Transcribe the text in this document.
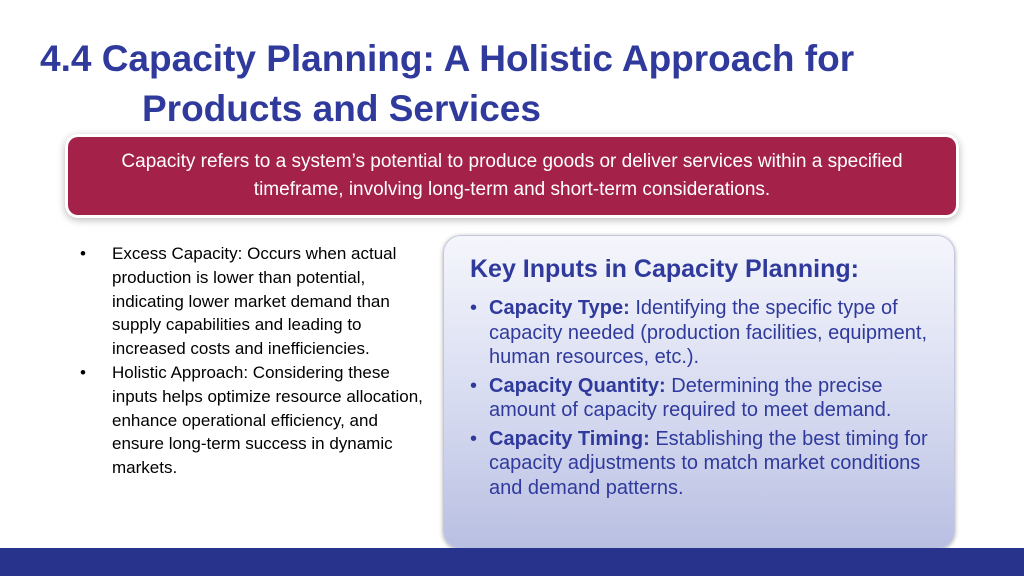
4.4 Capacity Planning: A Holistic Approach for
Products and Services
Capacity refers to a system’s potential to produce goods or deliver services within a specified timeframe, involving long-term and short-term considerations.
• Excess Capacity: Occurs when actual production is lower than potential, indicating lower market demand than supply capabilities and leading to increased costs and inefficiencies.
• Holistic Approach: Considering these inputs helps optimize resource allocation, enhance operational efficiency, and ensure long-term success in dynamic markets.
Key Inputs in Capacity Planning:
• Capacity Type: Identifying the specific type of capacity needed (production facilities, equipment, human resources, etc.).
• Capacity Quantity: Determining the precise amount of capacity required to meet demand.
• Capacity Timing: Establishing the best timing for capacity adjustments to match market conditions and demand patterns.
